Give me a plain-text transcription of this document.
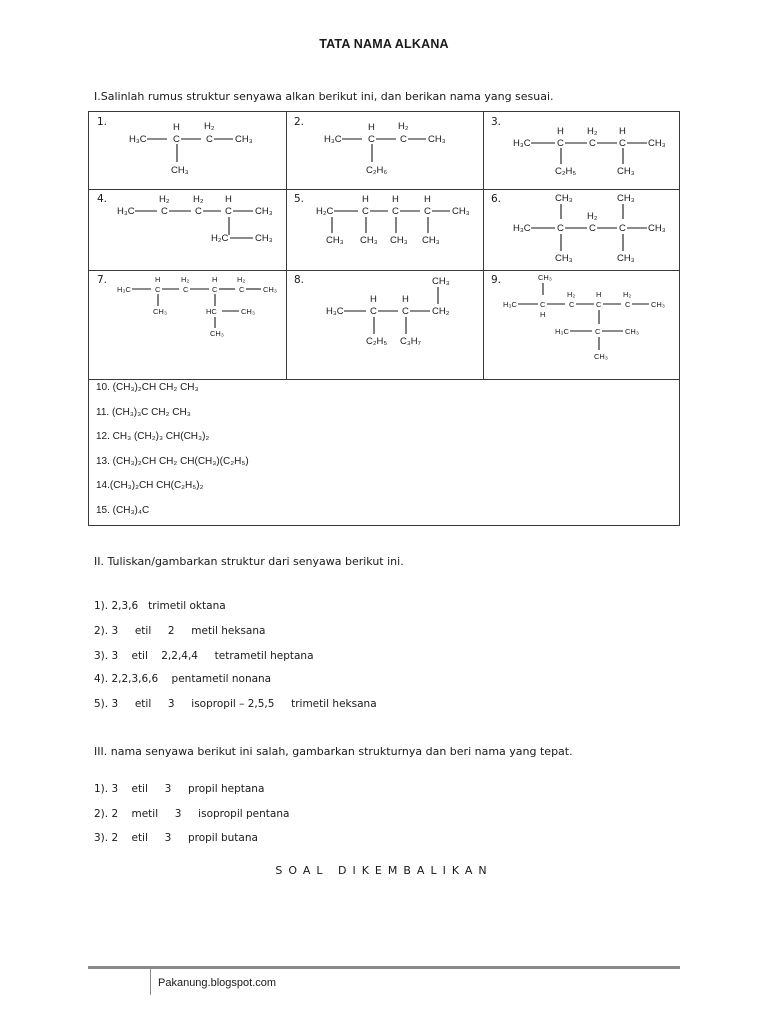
TATA NAMA ALKANA
I.Salinlah rumus struktur senyawa alkan berikut ini, dan berikan nama yang sesuai.
1.
H₃C
H
C
H₂
C CH₃
CH₃
2.
H₃C
H
C
H₂
C CH₃
C₂H₆
3.
H₃C
H
C
H₂
C
H
C CH₃
C₂H₅	CH₃
4.
H₃C
H₂
C
H₂
C
H
C CH₃
H₂C	CH₃
5.
H₂C
H
C
H
C
H
C CH₃
CH₃ CH₃ CH₃ CH₃
6.	CH₃	CH₃
H₃C	C
H₂
C C CH₃
CH₃	CH₃
7.
H₃C
H
C
H₂
C
H
C
H₂
C CH₃
CH₃	HC	CH₃
CH₃
8.	CH₃
H₃C
H
C
H
C CH₂
C₂H₅ C₃H₇
9.	CH₃
H₃C	C
H
H₂
C
H
C
H₂
C	CH₃
H₃C	C	CH₃
CH₃
10. (CH₃)₂CH CH₂ CH₃
11. (CH₃)₃C CH₂ CH₃
12. CH₃ (CH₂)₃ CH(CH₃)₂
13. (CH₃)₂CH CH₂ CH(CH₃)(C₂H₅)
14.(CH₃)₂CH CH(C₂H₅)₂
15. (CH₃)₄C
II. Tuliskan/gambarkan struktur dari senyawa berikut ini.
1). 2,3,6   trimetil oktana
2). 3     etil     2     metil heksana
3). 3    etil    2,2,4,4     tetrametil heptana
4). 2,2,3,6,6    pentametil nonana
5). 3     etil     3     isopropil – 2,5,5     trimetil heksana
III. nama senyawa berikut ini salah, gambarkan strukturnya dan beri nama yang tepat.
1). 3    etil     3     propil heptana
2). 2    metil     3     isopropil pentana
3). 2    etil     3     propil butana
SOAL DIKEMBALIKAN
Pakanung.blogspot.com
